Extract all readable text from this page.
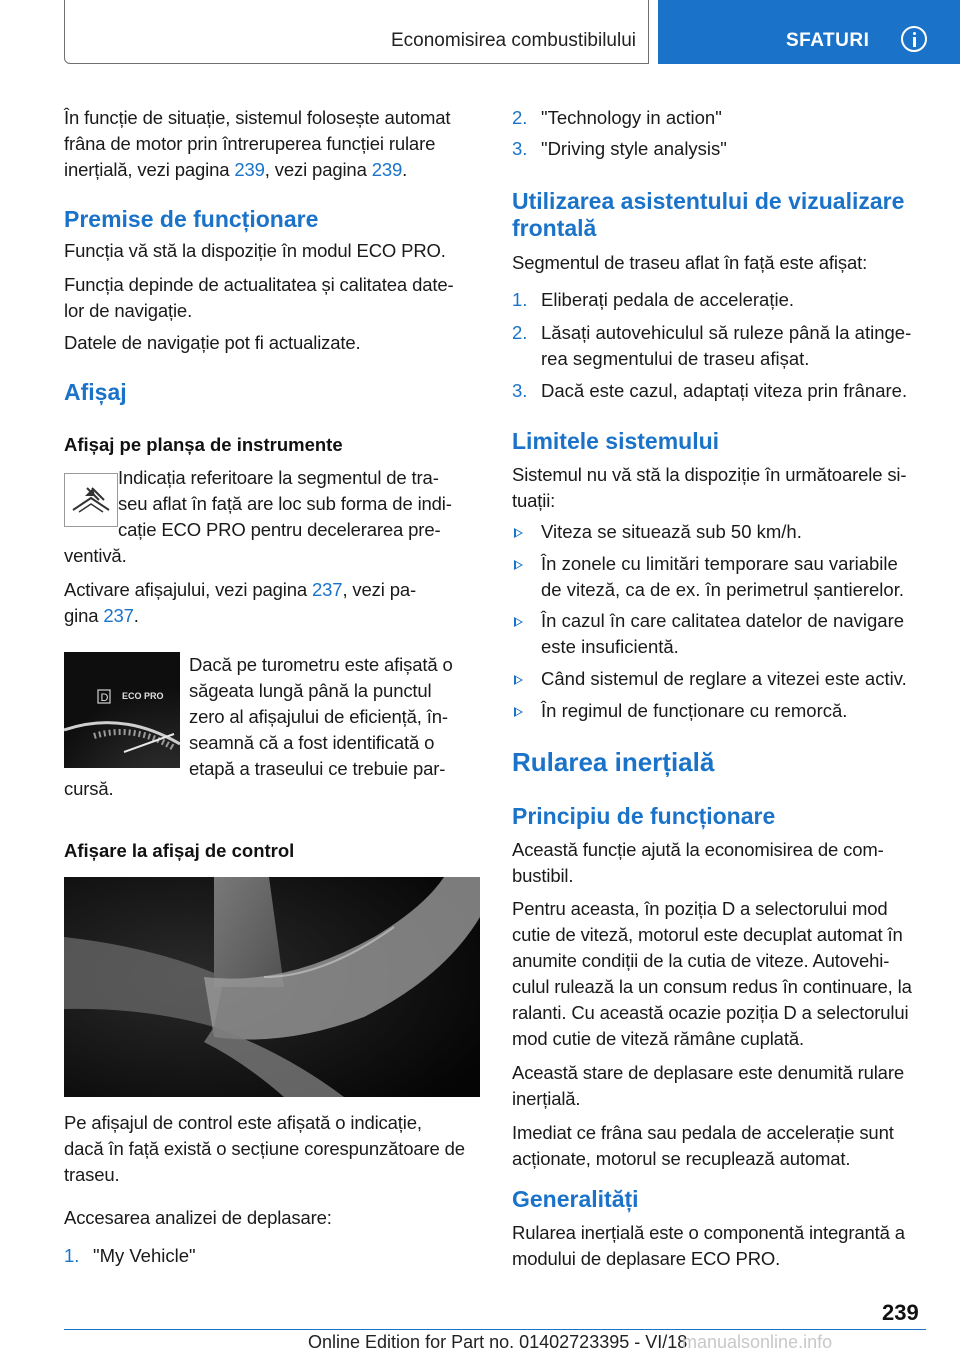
Economisirea combustibilului	SFATURI
În funcție de situație, sistemul folosește automat
frâna de motor prin întreruperea funcției rulare
inerțială, vezi pagina 239, vezi pagina 239.
Premise de funcționare
Funcția vă stă la dispoziție în modul ECO PRO.
Funcția depinde de actualitatea și calitatea date-
lor de navigație.
Datele de navigație pot fi actualizate.
Afișaj
Afișaj pe planșa de instrumente
Indicația referitoare la segmentul de tra-
seu aflat în față are loc sub forma de indi-
cație ECO PRO pentru decelerarea pre-
ventivă.
Activare afișajului, vezi pagina 237, vezi pa-
gina 237.
D ECO PRO
Dacă pe turometru este afișată o
săgeata lungă până la punctul
zero al afișajului de eficiență, în-
seamnă că a fost identificată o
etapă a traseului ce trebuie par-
cursă.
Afișare la afișaj de control
Pe afișajul de control este afișată o indicație,
dacă în față există o secțiune corespunzătoare de
traseu.
Accesarea analizei de deplasare:
1. "My Vehicle"
2. "Technology in action"
3. "Driving style analysis"
Utilizarea asistentului de vizualizare
frontală
Segmentul de traseu aflat în față este afișat:
1. Eliberați pedala de accelerație.
2. Lăsați autovehiculul să ruleze până la atinge-
rea segmentului de traseu afișat.
3. Dacă este cazul, adaptați viteza prin frânare.
Limitele sistemului
Sistemul nu vă stă la dispoziție în următoarele si-
tuații:
Viteza se situează sub 50 km/h.
În zonele cu limitări temporare sau variabile
de viteză, ca de ex. în perimetrul șantierelor.
În cazul în care calitatea datelor de navigare
este insuficientă.
Când sistemul de reglare a vitezei este activ.
În regimul de funcționare cu remorcă.
Rularea inerțială
Principiu de funcționare
Această funcție ajută la economisirea de com-
bustibil.
Pentru aceasta, în poziția D a selectorului mod
cutie de viteză, motorul este decuplat automat în
anumite condiții de la cutia de viteze. Autovehi-
culul rulează la un consum redus în continuare, la
ralanti. Cu această ocazie poziția D a selectorului
mod cutie de viteză rămâne cuplată.
Această stare de deplasare este denumită rulare
inerțială.
Imediat ce frâna sau pedala de accelerație sunt
acționate, motorul se recuplează automat.
Generalități
Rularea inerțială este o componentă integrantă a
modului de deplasare ECO PRO.
239
Online Edition for Part no. 01402723395 - VI/18
manualsonline.info
